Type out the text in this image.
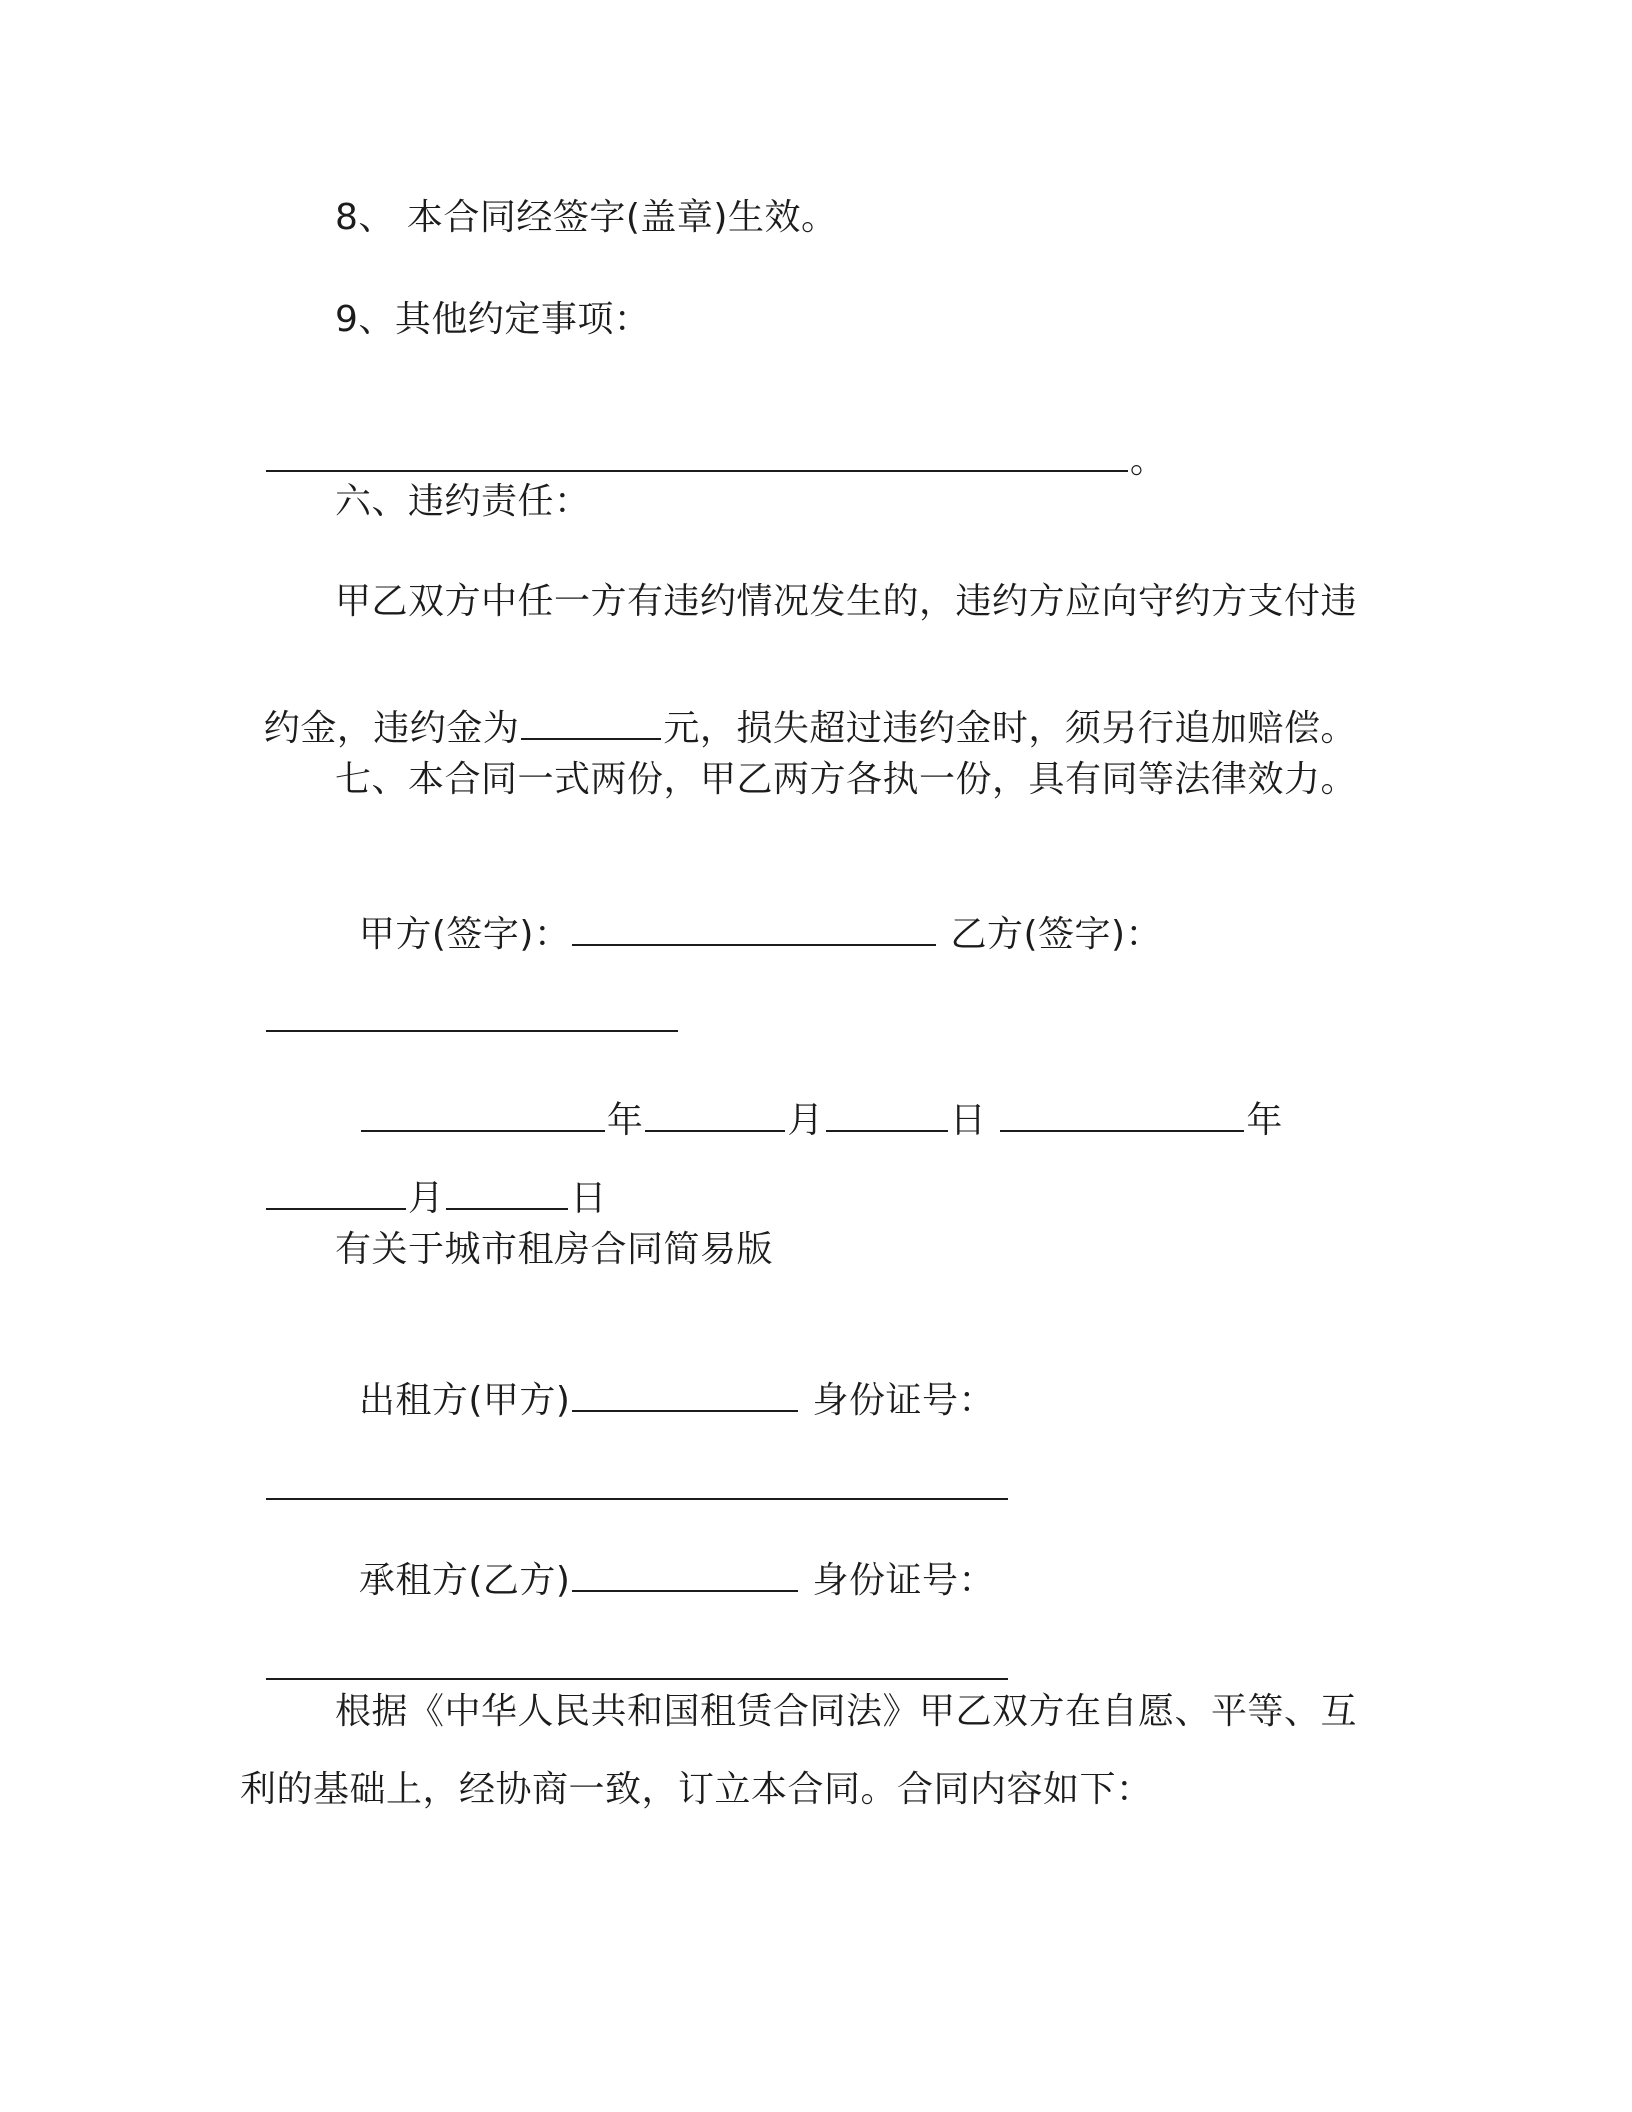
8、 本合同经签字(盖章)生效。
9、其他约定事项：

。

六、违约责任：
甲乙双方中任一方有违约情况发生的，违约方应向守约方支付违

约金，违约金为	元，损失超过违约金时，须另行追加赔偿。

七、本合同一式两份，甲乙两方各执一份，具有同等法律效力。

甲方(签字)：	乙方(签字)：

年	月	日	年

月	日

有关于城市租房合同简易版

出租方(甲方)	身份证号：

承租方(乙方)	身份证号：

根据《中华人民共和国租赁合同法》甲乙双方在自愿、平等、互
利的基础上，经协商一致，订立本合同。合同内容如下：
